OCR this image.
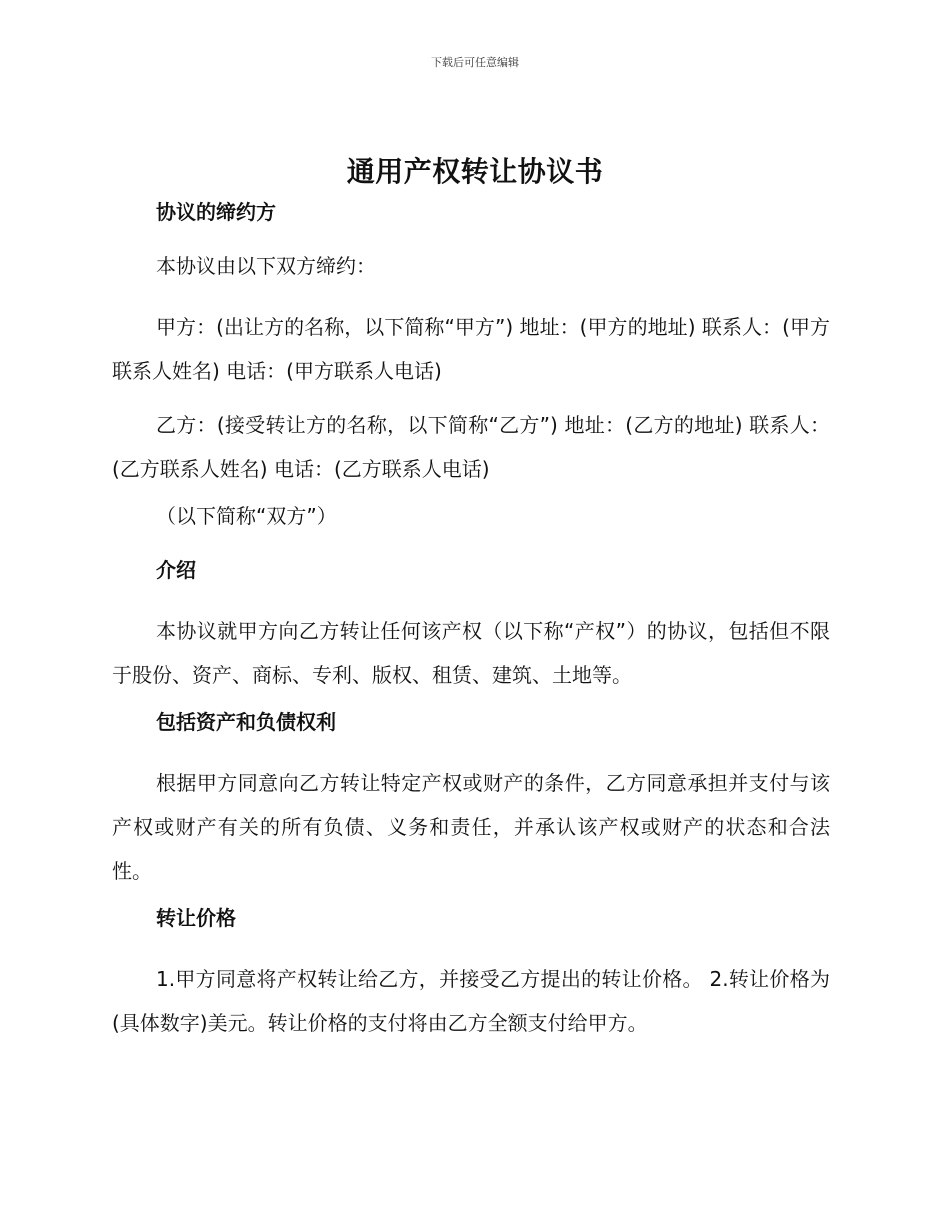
下载后可任意编辑
通用产权转让协议书
协议的缔约方

本协议由以下双方缔约：

甲方：(出让方的名称，以下简称“甲方”) 地址：(甲方的地址) 联系人：(甲方联系人姓名) 电话：(甲方联系人电话)

乙方：(接受转让方的名称，以下简称“乙方”) 地址：(乙方的地址) 联系人：(乙方联系人姓名) 电话：(乙方联系人电话)

（以下简称“双方”）

介绍

本协议就甲方向乙方转让任何该产权（以下称“产权”）的协议，包括但不限于股份、资产、商标、专利、版权、租赁、建筑、土地等。

包括资产和负债权利

根据甲方同意向乙方转让特定产权或财产的条件，乙方同意承担并支付与该产权或财产有关的所有负债、义务和责任，并承认该产权或财产的状态和合法性。

转让价格

1.甲方同意将产权转让给乙方，并接受乙方提出的转让价格。 2.转让价格为(具体数字)美元。转让价格的支付将由乙方全额支付给甲方。
